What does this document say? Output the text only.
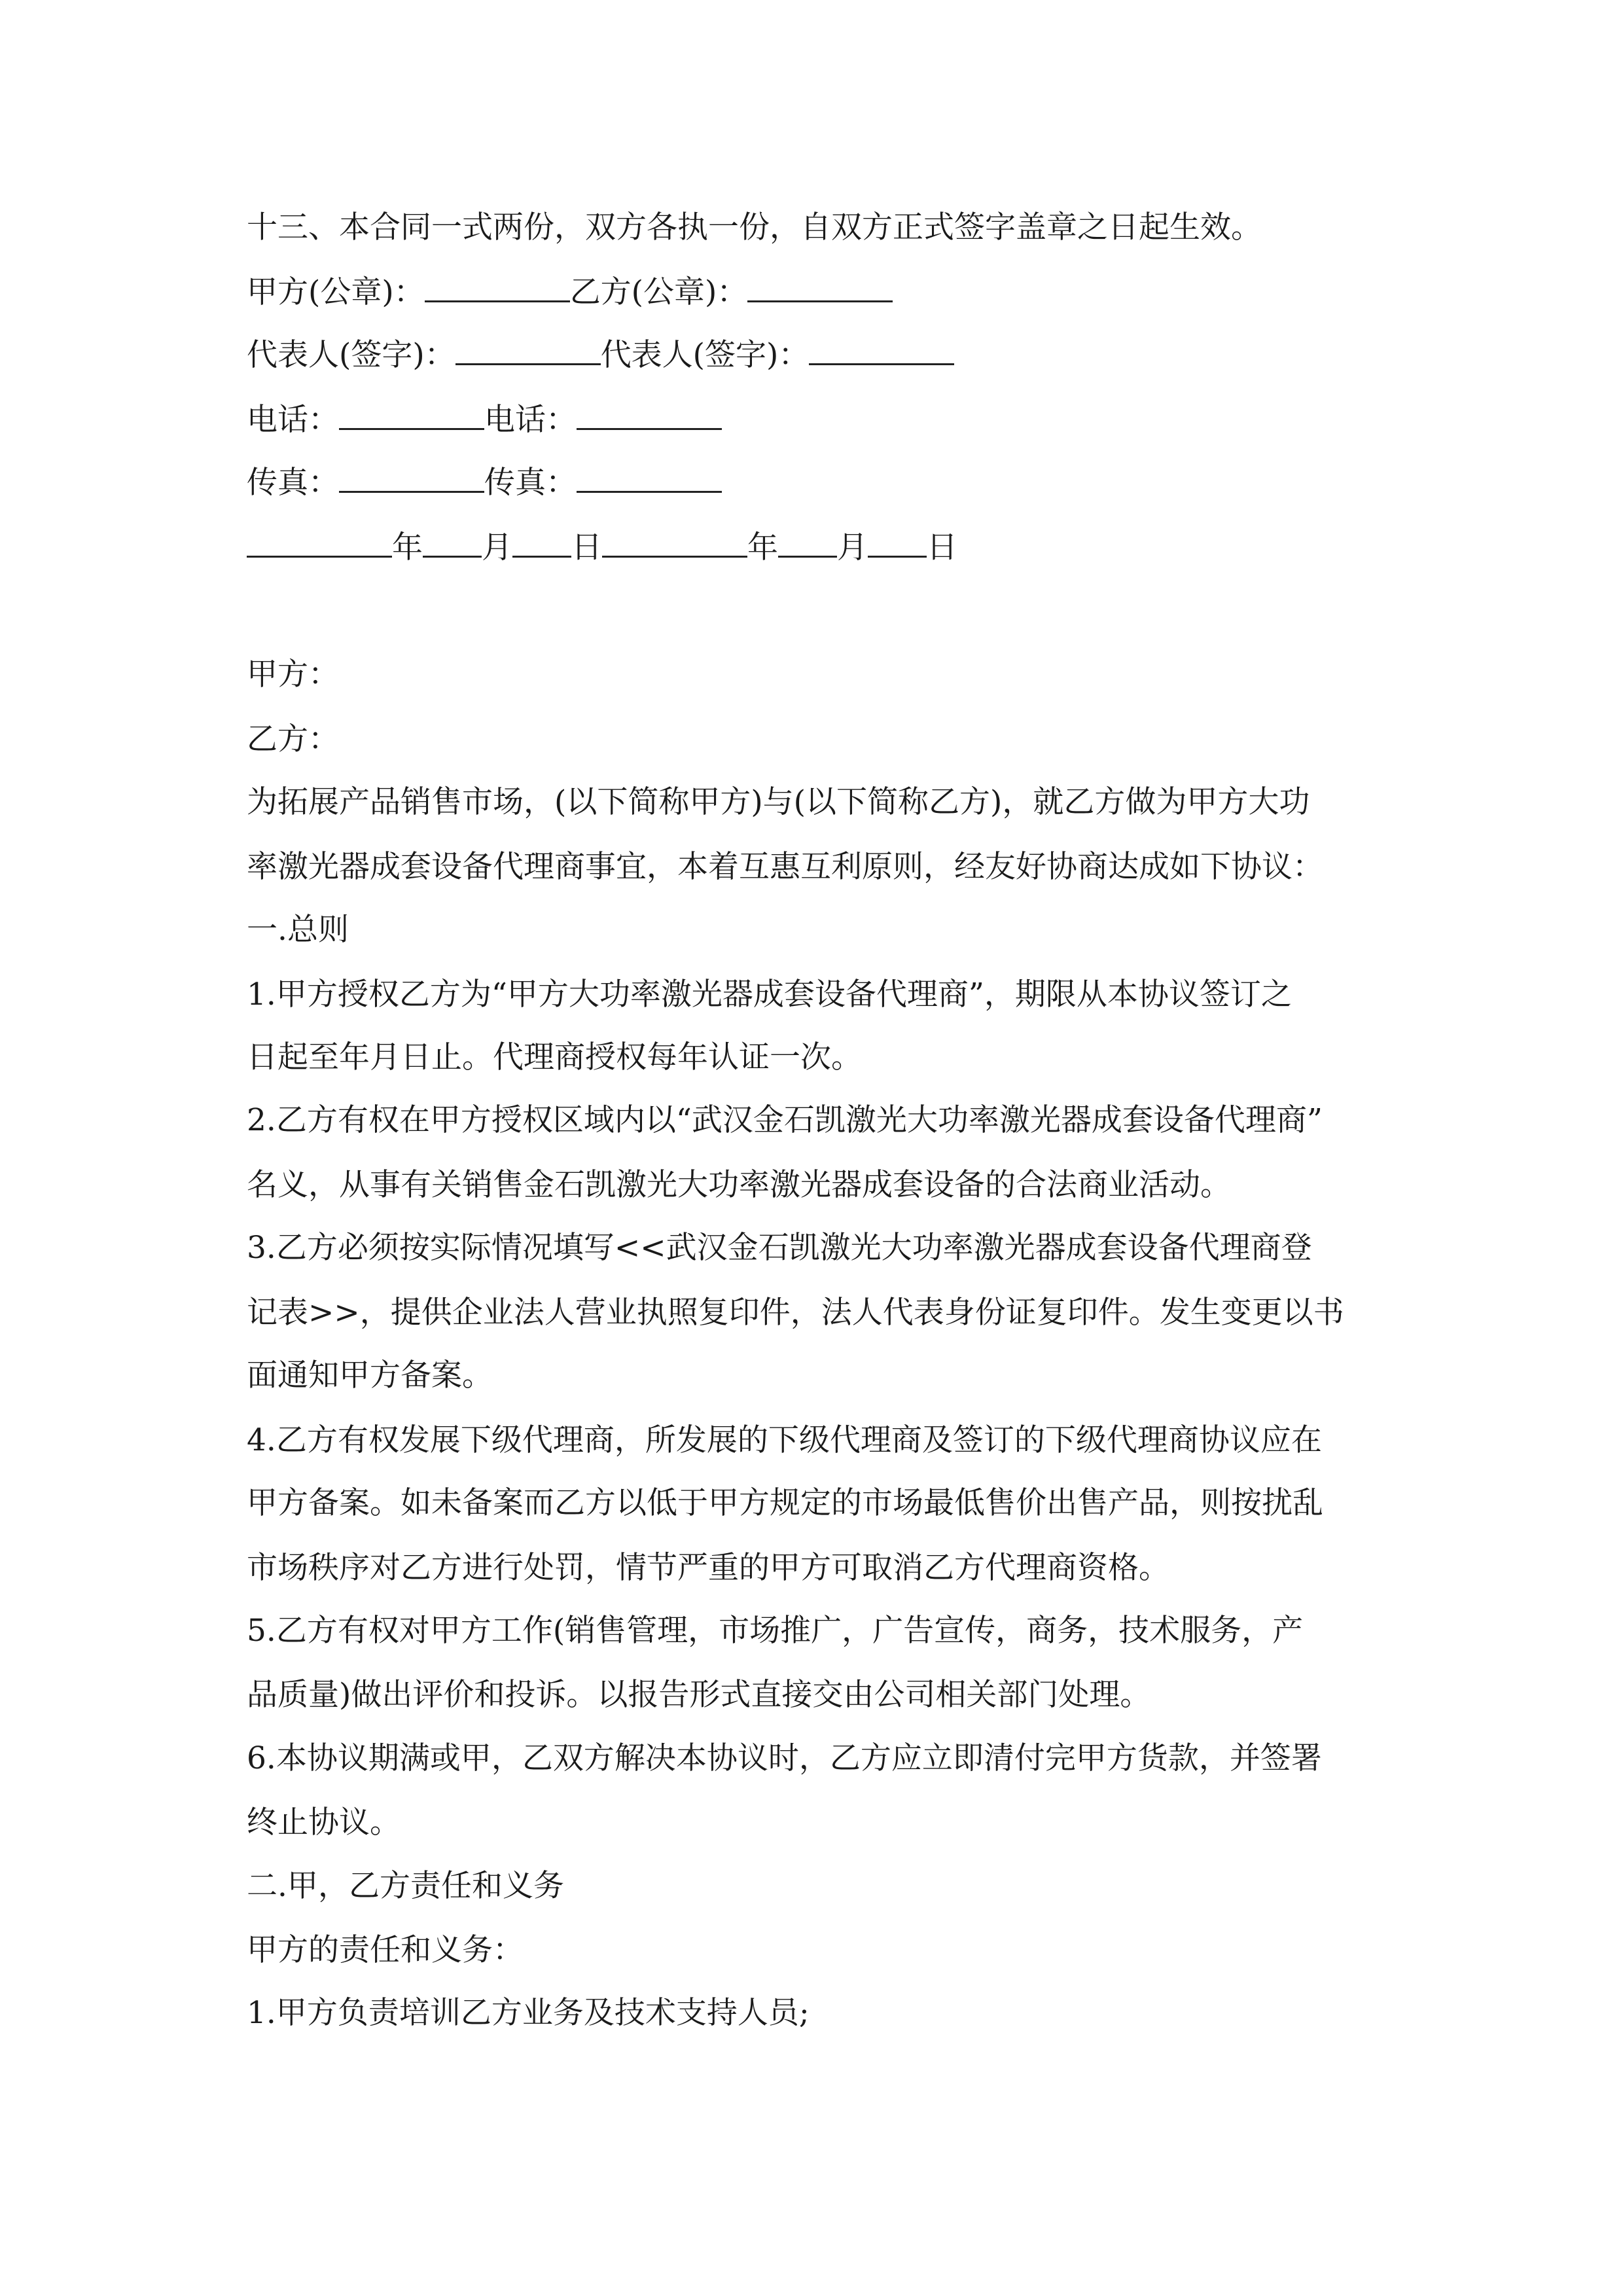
十三、本合同一式两份，双方各执一份，自双方正式签字盖章之日起生效。

甲方(公章)：	乙方(公章)：

代表人(签字)：	代表人(签字)：

电话：	电话：

传真：	传真：

年 月 日	年 月 日

甲方：

乙方：

为拓展产品销售市场，(以下简称甲方)与(以下简称乙方)，就乙方做为甲方大功

率激光器成套设备代理商事宜，本着互惠互利原则，经友好协商达成如下协议：

一.总则

1.甲方授权乙方为“甲方大功率激光器成套设备代理商”，期限从本协议签订之

日起至年月日止。代理商授权每年认证一次。

2.乙方有权在甲方授权区域内以“武汉金石凯激光大功率激光器成套设备代理商”

名义，从事有关销售金石凯激光大功率激光器成套设备的合法商业活动。

3.乙方必须按实际情况填写<<武汉金石凯激光大功率激光器成套设备代理商登

记表>>，提供企业法人营业执照复印件，法人代表身份证复印件。发生变更以书

面通知甲方备案。

4.乙方有权发展下级代理商，所发展的下级代理商及签订的下级代理商协议应在

甲方备案。如未备案而乙方以低于甲方规定的市场最低售价出售产品，则按扰乱

市场秩序对乙方进行处罚，情节严重的甲方可取消乙方代理商资格。

5.乙方有权对甲方工作(销售管理，市场推广，广告宣传，商务，技术服务，产

品质量)做出评价和投诉。以报告形式直接交由公司相关部门处理。

6.本协议期满或甲，乙双方解决本协议时，乙方应立即清付完甲方货款，并签署

终止协议。

二.甲，乙方责任和义务

甲方的责任和义务：

1.甲方负责培训乙方业务及技术支持人员;
